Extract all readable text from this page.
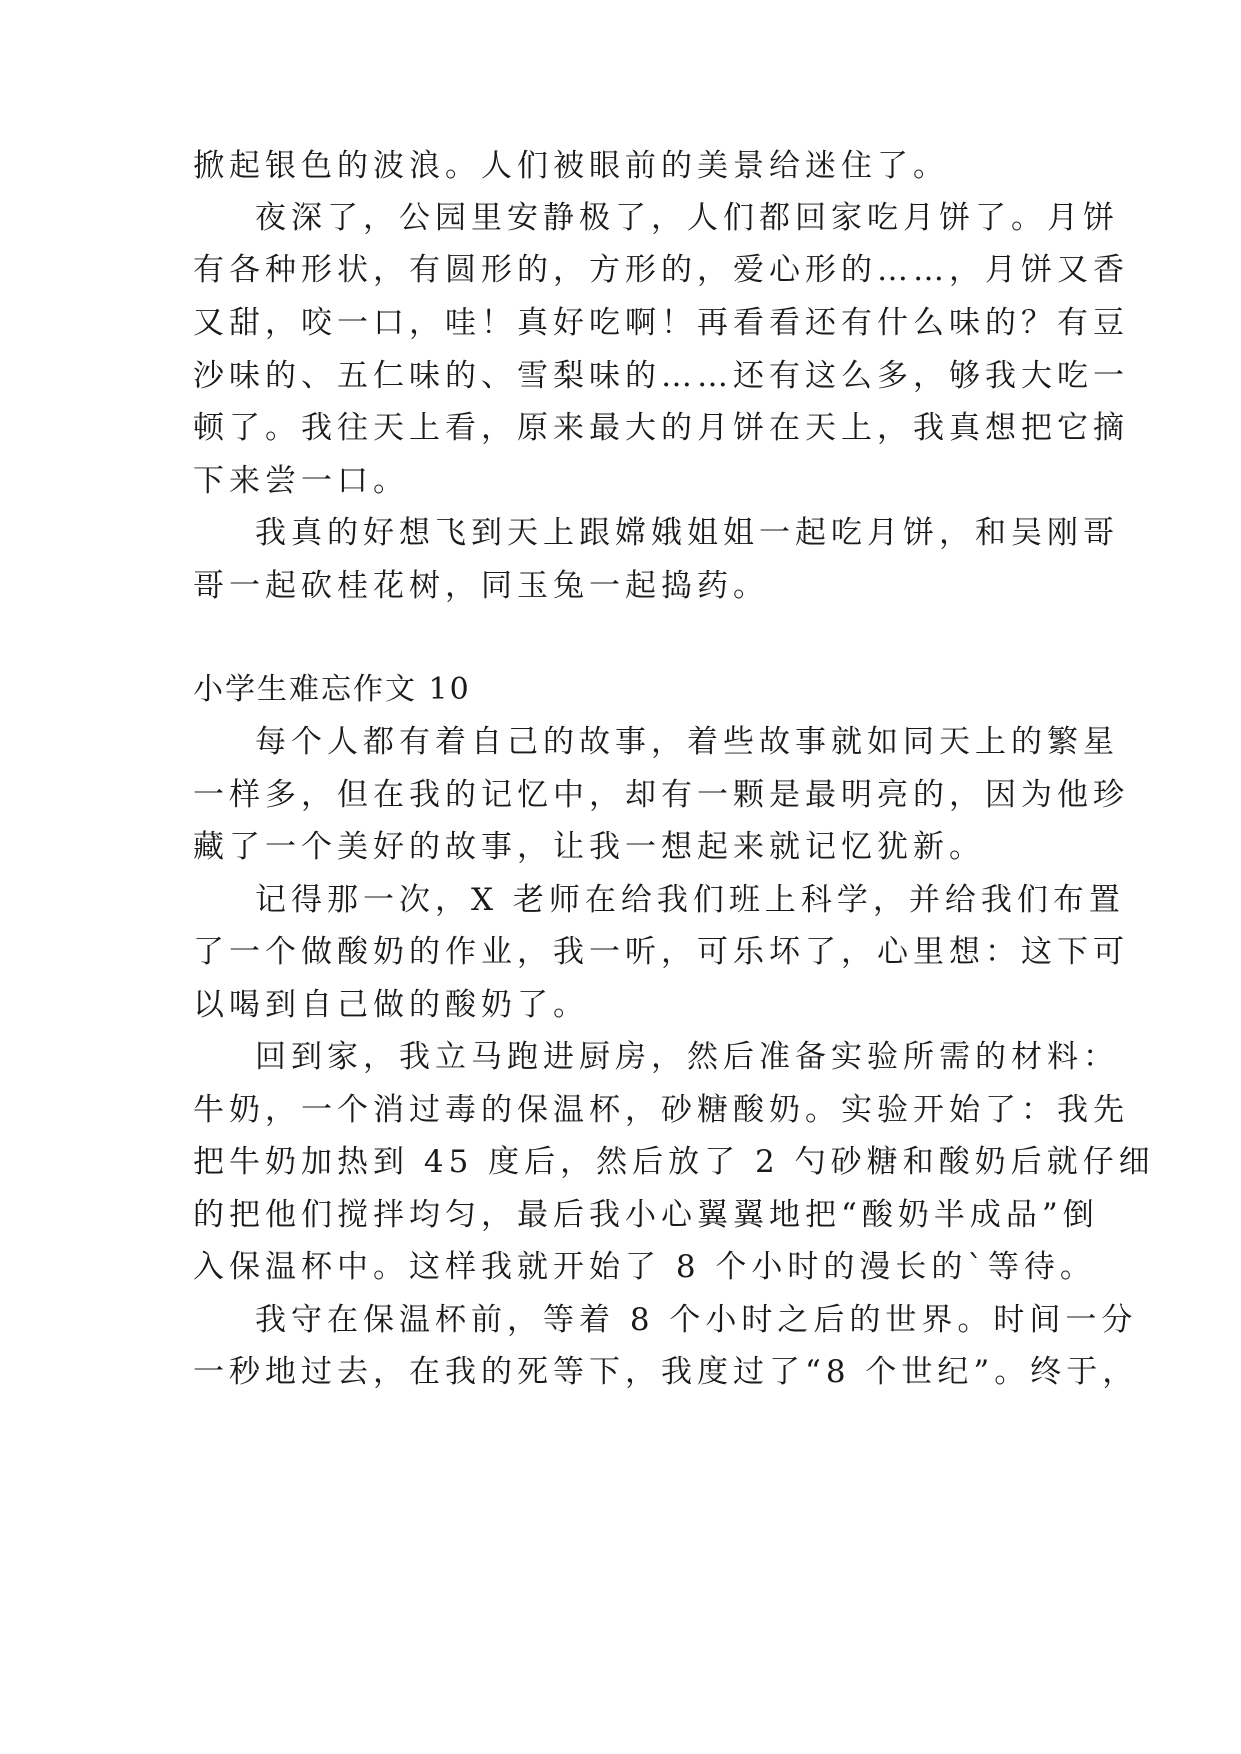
掀起银色的波浪。人们被眼前的美景给迷住了。
夜深了，公园里安静极了，人们都回家吃月饼了。月饼
有各种形状，有圆形的，方形的，爱心形的……，月饼又香
又甜，咬一口，哇！真好吃啊！再看看还有什么味的？有豆
沙味的、五仁味的、雪梨味的……还有这么多，够我大吃一
顿了。我往天上看，原来最大的月饼在天上，我真想把它摘
下来尝一口。
我真的好想飞到天上跟嫦娥姐姐一起吃月饼，和吴刚哥
哥一起砍桂花树，同玉兔一起捣药。
小学生难忘作文 10
每个人都有着自己的故事，着些故事就如同天上的繁星
一样多，但在我的记忆中，却有一颗是最明亮的，因为他珍
藏了一个美好的故事，让我一想起来就记忆犹新。
记得那一次，X 老师在给我们班上科学，并给我们布置
了一个做酸奶的作业，我一听，可乐坏了，心里想：这下可
以喝到自己做的酸奶了。
回到家，我立马跑进厨房，然后准备实验所需的材料：
牛奶，一个消过毒的保温杯，砂糖酸奶。实验开始了：我先
把牛奶加热到 45 度后，然后放了 2 勺砂糖和酸奶后就仔细
的把他们搅拌均匀，最后我小心翼翼地把“酸奶半成品”倒
入保温杯中。这样我就开始了 8 个小时的漫长的`等待。
我守在保温杯前，等着 8 个小时之后的世界。时间一分
一秒地过去，在我的死等下，我度过了“8 个世纪”。终于，
